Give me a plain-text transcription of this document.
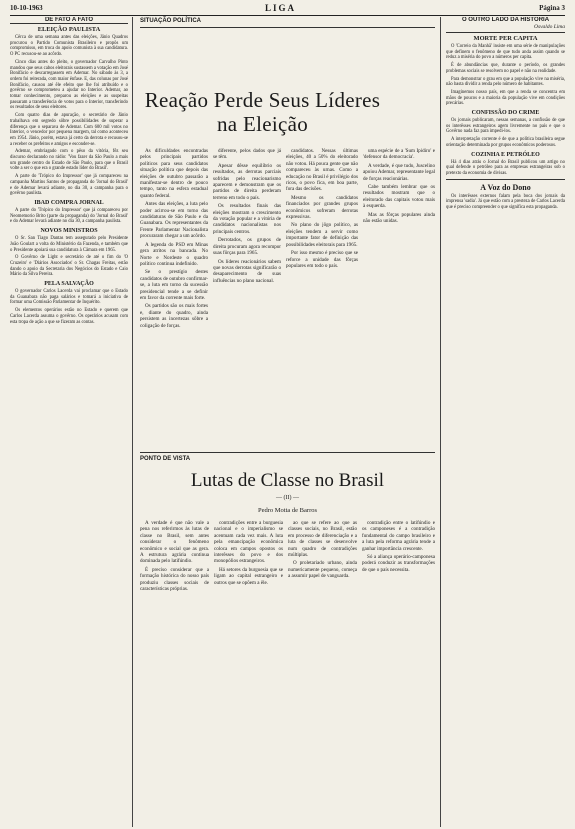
10-10-1963	LIGA	Página 3
DE FATO A FATO
ELEIÇÃO PAULISTA

Cêrca de uma semana antes das eleições, Jânio Quadros procurou o Partido Comunista Brasileiro e propôs um compromisso, em troca do apoio comunista à sua candidatura. O PC recusou-se ao acôrdo.

Cinco dias antes do pleito, o governador Carvalho Pinto mandou que seus cabos eleitorais sustassem a votação em José Bonifácio e descarregassem em Ademar. No sábado às 3, a ordem foi reiterada, com maior ênfase. E, das colunas por José Bonifácio, causou até êle efeito que lhe foi atribuído e o govêrno se comprometeu a ajudar no Interior. Ademar, ao tomar conhecimento, preparou as eleições e as suspeitas passaram a transferência de votos para o Interior, transferindo os resultados de seus eleitores.

Com quatro dias de apuração, o secretário de Jânio trabalhava em segredo sôbre possibilidades de superar a diferença que o separava de Ademar. Com 600 mil votos no Interior, o vencedor por pequena margem, tal como aconteceu em 1954. Jânio, porém, estava já certo da derrota e recusou-se a receber os prefeitos e amigos e esconder-se.

Ademar, embriagado com o pêso da vitória, fêz seu discurso declarando no rádio: 'Vou fazer da São Paulo a mais um grande centro do Estado de São Paulo, para que o Brasil volte a ser o que era o grande estado líder do Brasil'.

A parte do 'Trópico do Impressor' que já compareceu na campanha Martins Santos de propaganda do 'Jornal do Brasil' e de Ademar levará adiante, no dia 30, a campanha para o govêrno paulista.

IBAD COMPRA JORNAL

A parte do 'Trópico do Impressor' que já compareceu por Neomemorio Brito (parte da propaganda) do 'Jornal do Brasil' e do Ademar levará adiante no dia 30, a campanha paulista.

NOVOS MINISTROS

O Sr. San Tiago Dantas tem assegurado pelo Presidente João Goulart a volta do Ministério da Fazenda, e também que o Presidente apoiará sua candidatura à Câmara em 1965.

O Govêrno de Light e secretário de até o fim do 'O Cruzeiro' e 'Diários Associados' o Sr. Chagas Freitas, estão dando o apoio da Secretaria dos Negócios do Estado e Caio Mário da Silva Pereira.

PELA SALVAÇÃO

O governador Carlos Lacerda vai proclamar que o Estado da Guanabara não paga salários e tomará a iniciativa de formar uma Comissão Parlamentar de Inquérito.

Os elementos operários estão no Estado e querem que Carlos Lacerda assuma o govêrno. Os operários acusam com esta tropa de ação a que se fizeram as contas.

SITUAÇÃO POLÍTICA
Reação Perde Seus Líderes na Eleição

As dificuldades encontradas pelos principais partidos políticos para seus candidatos situação política que depois das eleições de outubro passarão a manifestar-se dentro de pouco tempo, tanto na esfera estadual quanto federal.

Antes das eleições, a luta pelo poder acirrou-se em torno das candidaturas de São Paulo e da Guanabara. Os representantes da Frente Parlamentar Nacionalista procuraram chegar a um acôrdo.

A legenda do PSD em Minas gera atritos na bancada. No Norte e Nordeste o quadro político continua indefinido.

Se o prestígio destes candidatos de outubro confirmar-se, a luta em torno da sucessão presidencial tende a se definir em favor da corrente mais forte.

Os partidos são os mais fortes e, diante do quadro, ainda persistem as incertezas sôbre a coligação de forças.

diferente, pelos dados que já se têm.

Apesar dêsse equilíbrio os resultados, as derrotas parciais sofridas pelo reacionarismo aparecem e demonstram que os partidos de direita perderam terreno em todo o país.

Os resultados finais das eleições mostram o crescimento da votação popular e a vitória de candidatos nacionalistas nos principais centros.

Derrotados, os grupos de direita procuram agora recompor suas fôrças para 1965.

Os líderes reacionários sabem que novas derrotas significarão o desaparecimento de suas influências no plano nacional.

candidatos. Nessas últimas eleições, 40 a 50% do eleitorado não votou. Há pouca gente que não compareceu às urnas. Como a educação no Brasil é privilégio dos ricos, o povo fica, em boa parte, fora das decisões.

Mesmo os candidatos financiados por grandes grupos econômicos sofreram derrotas expressivas.

No plano do jôgo político, as eleições tendem a servir como importante fator de definição das possibilidades eleitorais para 1965.

Por isso mesmo é preciso que se reforce a unidade das fôrças populares em todo o país.

uma espécie de a 'Sum Ipidiro' e 'defensor da democracia'.

A verdade, é que tudo, Juscelino apoiou Ademar, representante legal de forças reacionárias.

Cabe também lembrar que os resultados mostram que o eleitorado das capitais votou mais à esquerda.

Mas as fôrças populares ainda não estão unidas.

PONTO DE VISTA
Lutas de Classe no Brasil
— (II) —
Pedro Motta de Barros

A verdade é que não vale a pena nos referirmos às lutas de classe no Brasil, sem antes considerar o fenômeno econômico e social que as gera. A estrutura agrária continua dominada pelo latifúndio.

É preciso considerar que a formação histórica do nosso país produziu classes sociais de características próprias.

contradições entre a burguesia nacional e o imperialismo se acentuam cada vez mais. A luta pela emancipação econômica coloca em campos opostos os interêsses do povo e dos monopólios estrangeiros.

Há setores da burguesia que se ligam ao capital estrangeiro e outros que se opõem a êle.

ao que se refere ao que as classes sociais, no Brasil, estão em processo de diferenciação e a luta de classes se desenvolve num quadro de contradições múltiplas.

O proletariado urbano, ainda numericamente pequeno, começa a assumir papel de vanguarda.

contradição entre o latifúndio e os camponeses é a contradição fundamental do campo brasileiro e a luta pela reforma agrária tende a ganhar importância crescente.

Só a aliança operário-camponesa poderá conduzir as transformações de que o país necessita.

O OUTRO LADO DA HISTÓRIA
Osvaldo Lima
MORTE PER CAPITA

O 'Correio da Manhã' insiste em uma série de manipulações que definem o fenômeno de que tudo anda assim quando se reduz a miséria do povo a números per capita.

É de abundâncias que, durante o período, os grandes problemas sociais se resolvem no papel e não na realidade.

Para demonstrar o grau em que a população vive na miséria, não basta dividir a renda pelo número de habitantes.

Imaginemos nosso país, em que a renda se concentra em mãos de poucos e a maioria da população vive em condições precárias.

CONFISSÃO DO CRIME

Os jornais publicaram, nessas semanas, a confissão de que os interêsses estrangeiros agem livremente no país e que o Govêrno nada faz para impedi-los.

A interpretação corrente é de que a política brasileira segue orientação determinada por grupos econômicos poderosos.

COZINHA E PETRÓLEO

Há 4 dias atrás o Jornal do Brasil publicou um artigo no qual defende o petróleo para as empresas estrangeiras sob o pretexto da economia de divisas.

A Voz do Dono

Os interêsses externos falam pela boca dos jornais da imprensa 'sadia'. Já que estão com a presteza de Carlos Lacerda que é preciso compreender o que significa esta propaganda.
